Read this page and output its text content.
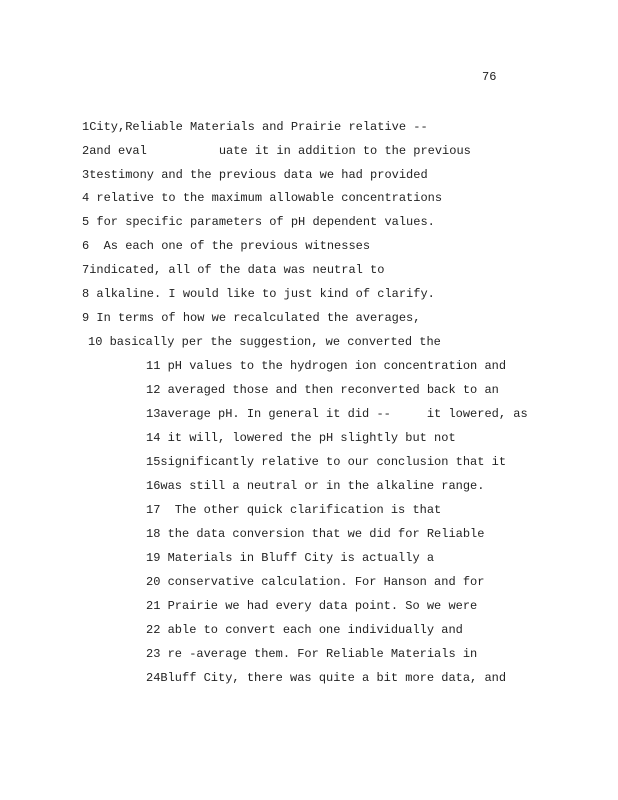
76
1City,Reliable Materials and Prairie relative --
2and eval          uate it in addition to the previous
3testimony and the previous data we had provided
4 relative to the maximum allowable concentrations
5 for specific parameters of pH dependent values.
6  As each one of the previous witnesses
7indicated, all of the data was neutral to
8 alkaline. I would like to just kind of clarify.
9 In terms of how we recalculated the averages,
10 basically per the suggestion, we converted the
11 pH values to the hydrogen ion concentration and
12 averaged those and then reconverted back to an
13average pH. In general it did --     it lowered, as
14 it will, lowered the pH slightly but not
15significantly relative to our conclusion that it
16was still a neutral or in the alkaline range.
17  The other quick clarification is that
18 the data conversion that we did for Reliable
19 Materials in Bluff City is actually a
20 conservative calculation. For Hanson and for
21 Prairie we had every data point. So we were
22 able to convert each one individually and
23 re -average them. For Reliable Materials in
24Bluff City, there was quite a bit more data, and
